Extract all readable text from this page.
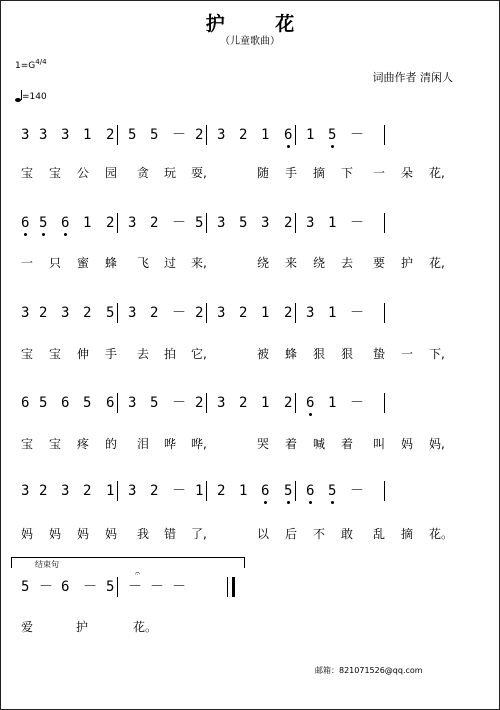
护 花
（儿童歌曲）
$1=G^{4/4}$
=140
词曲作者 清闲人
结束句
𝄐
邮箱：821071526@qq.com
3 3 3 1 2 5 5 － 2 3 2 1 6 1 5 －
宝 宝 公 园 贪 玩 耍,	随 手 摘 下 一 朵 花,
6 5 6 1 2 3 2 － 5 3 5 3 2 3 1 －
一 只 蜜 蜂 飞 过 来,	绕 来 绕 去 要 护 花,
3 2 3 2 5 3 2 － 2 3 2 1 2 3 1 －
宝 宝 伸 手 去 拍 它,	被 蜂 狠 狠 蛰 一 下,
6 5 6 5 6 3 5 － 2 3 2 1 2 6 1 －
宝 宝 疼 的 泪 哗 哗,	哭 着 喊 着 叫 妈 妈,
3 2 3 2 1 3 2 － 1 2 1 6 5 6 5 －
妈 妈 妈 妈 我 错 了,	以 后 不 敢 乱 摘 花。
5 － 6 － 5 － － －
爱	护	花。
